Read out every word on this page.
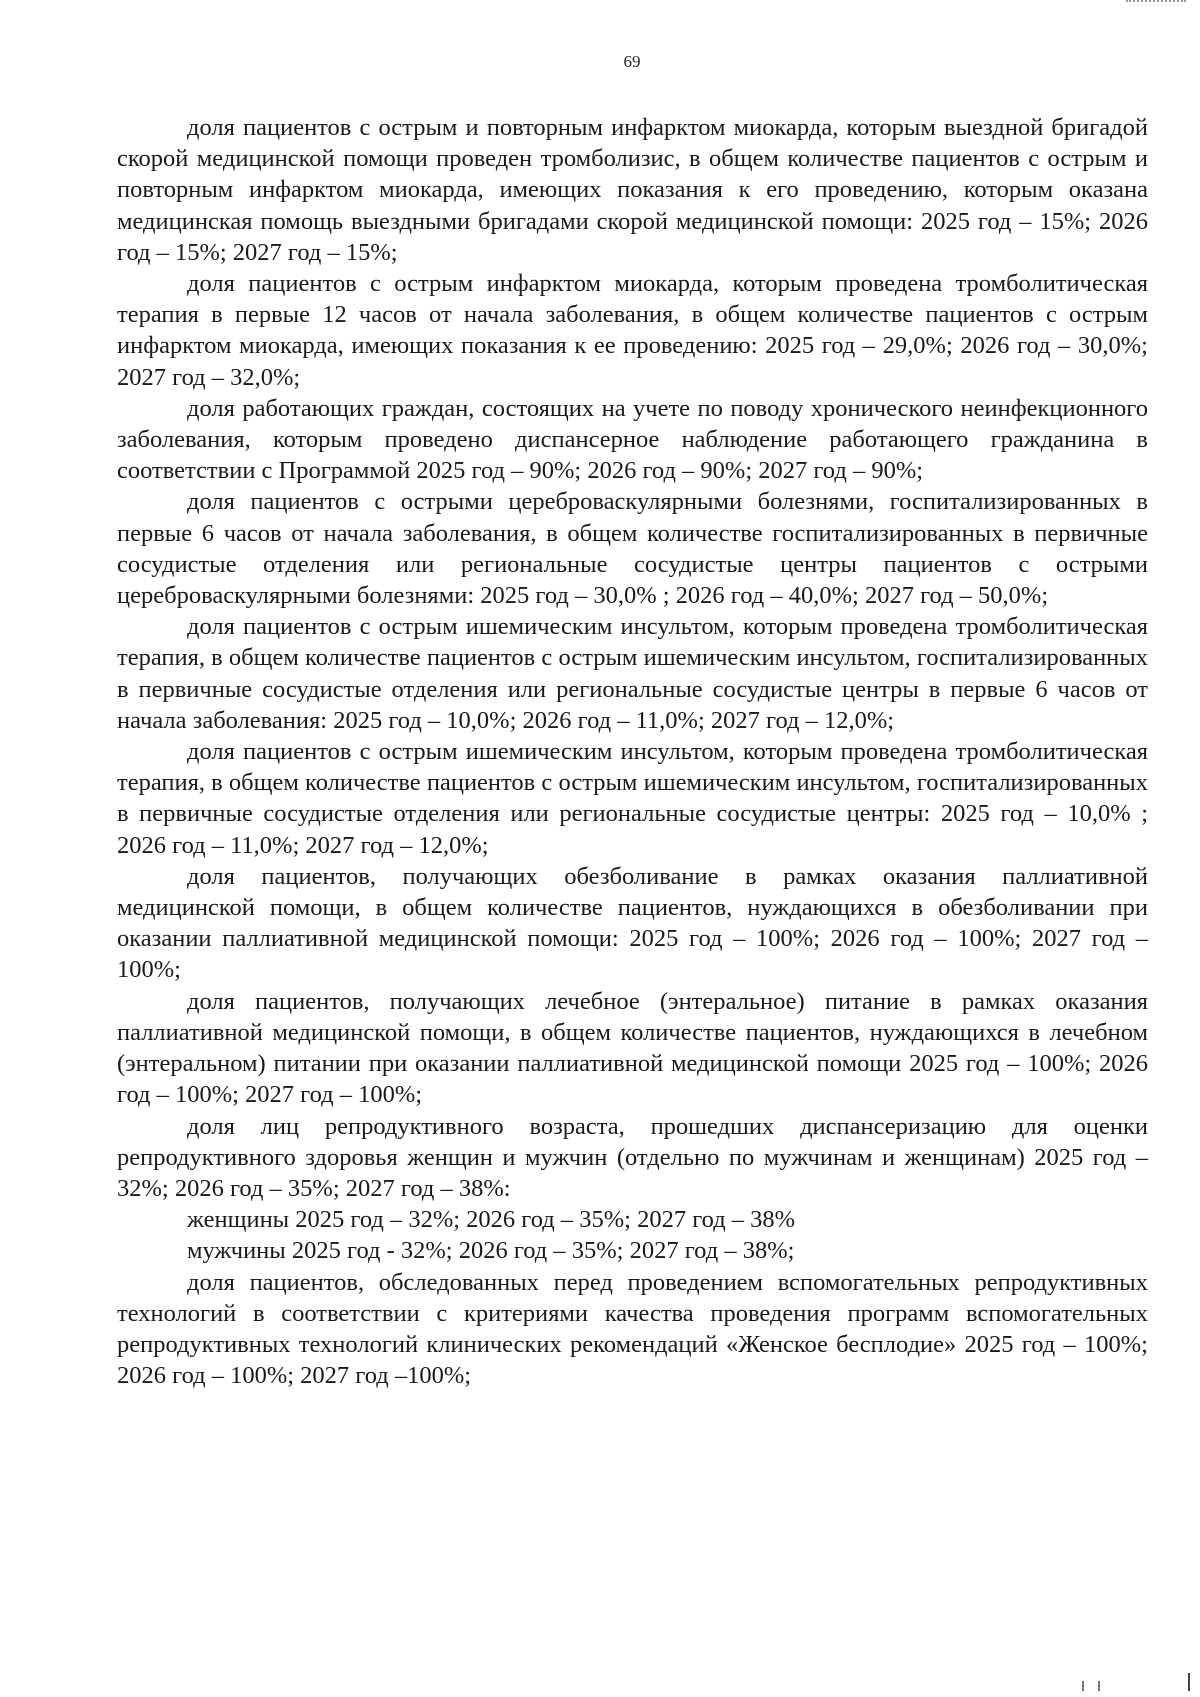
69

доля пациентов с острым и повторным инфарктом миокарда, которым выездной бригадой скорой медицинской помощи проведен тромболизис, в общем количестве пациентов с острым и повторным инфарктом миокарда, имеющих показания к его проведению, которым оказана медицинская помощь выездными бригадами скорой медицинской помощи: 2025 год – 15%; 2026 год – 15%; 2027 год – 15%;

доля пациентов с острым инфарктом миокарда, которым проведена тромболитическая терапия в первые 12 часов от начала заболевания, в общем количестве пациентов с острым инфарктом миокарда, имеющих показания к ее проведению: 2025 год – 29,0%; 2026 год – 30,0%; 2027 год – 32,0%;

доля работающих граждан, состоящих на учете по поводу хронического неинфекционного заболевания, которым проведено диспансерное наблюдение работающего гражданина в соответствии с Программой 2025 год – 90%; 2026 год – 90%; 2027 год – 90%;

доля пациентов с острыми цереброваскулярными болезнями, госпитализированных в первые 6 часов от начала заболевания, в общем количестве госпитализированных в первичные сосудистые отделения или региональные сосудистые центры пациентов с острыми цереброваскулярными болезнями: 2025 год – 30,0% ; 2026 год – 40,0%; 2027 год – 50,0%;

доля пациентов с острым ишемическим инсультом, которым проведена тромболитическая терапия, в общем количестве пациентов с острым ишемическим инсультом, госпитализированных в первичные сосудистые отделения или региональные сосудистые центры в первые 6 часов от начала заболевания: 2025 год – 10,0%; 2026 год – 11,0%; 2027 год – 12,0%;

доля пациентов с острым ишемическим инсультом, которым проведена тромболитическая терапия, в общем количестве пациентов с острым ишемическим инсультом, госпитализированных в первичные сосудистые отделения или региональные сосудистые центры: 2025 год – 10,0% ; 2026 год – 11,0%; 2027 год – 12,0%;

доля пациентов, получающих обезболивание в рамках оказания паллиативной медицинской помощи, в общем количестве пациентов, нуждающихся в обезболивании при оказании паллиативной медицинской помощи: 2025 год – 100%; 2026 год – 100%; 2027 год – 100%;

доля пациентов, получающих лечебное (энтеральное) питание в рамках оказания паллиативной медицинской помощи, в общем количестве пациентов, нуждающихся в лечебном (энтеральном) питании при оказании паллиативной медицинской помощи 2025 год – 100%; 2026 год – 100%; 2027 год – 100%;

доля лиц репродуктивного возраста, прошедших диспансеризацию для оценки репродуктивного здоровья женщин и мужчин (отдельно по мужчинам и женщинам) 2025 год – 32%; 2026 год – 35%; 2027 год – 38%:

женщины 2025 год – 32%; 2026 год – 35%; 2027 год – 38%

мужчины 2025 год - 32%; 2026 год – 35%; 2027 год – 38%;

доля пациентов, обследованных перед проведением вспомогательных репродуктивных технологий в соответствии с критериями качества проведения программ вспомогательных репродуктивных технологий клинических рекомендаций «Женское бесплодие» 2025 год – 100%; 2026 год – 100%; 2027 год –100%;
